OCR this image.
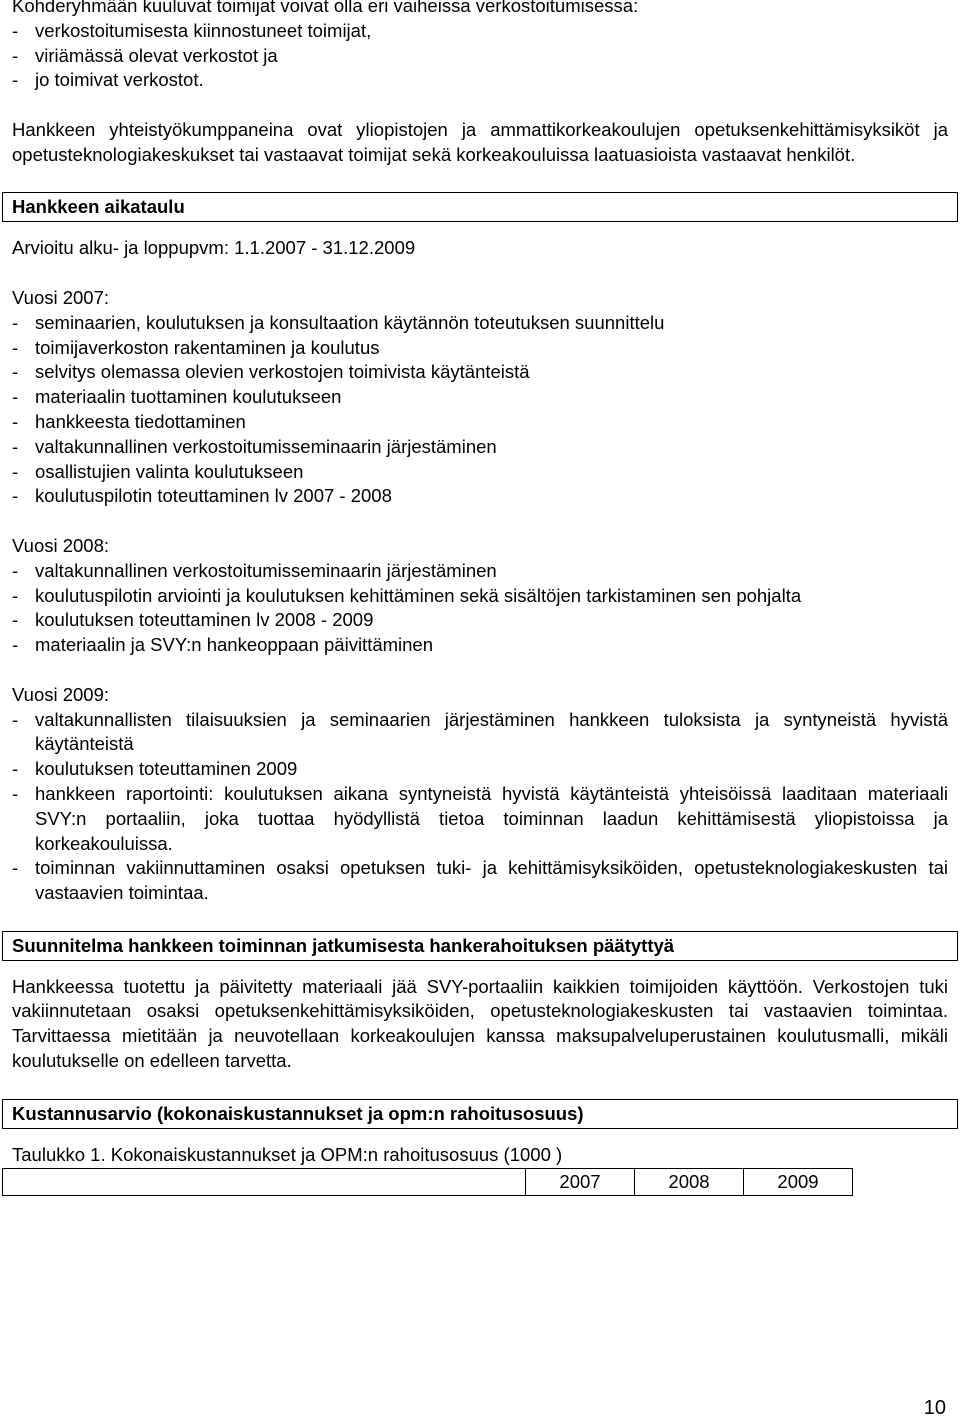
Kohderyhmään kuuluvat toimijat voivat olla eri vaiheissa verkostoitumisessa:

- verkostoitumisesta kiinnostuneet toimijat,
- viriämässä olevat verkostot ja
- jo toimivat verkostot.

Hankkeen yhteistyökumppaneina ovat yliopistojen ja ammattikorkeakoulujen opetuksenkehittämisyksiköt ja opetusteknologiakeskukset tai vastaavat toimijat sekä korkeakouluissa laatuasioista vastaavat henkilöt.

Hankkeen aikataulu

Arvioitu alku- ja loppupvm: 1.1.2007 - 31.12.2009

Vuosi 2007:

- seminaarien, koulutuksen ja konsultaation käytännön toteutuksen suunnittelu
- toimijaverkoston rakentaminen ja koulutus
- selvitys olemassa olevien verkostojen toimivista käytänteistä
- materiaalin tuottaminen koulutukseen
- hankkeesta tiedottaminen
- valtakunnallinen verkostoitumisseminaarin järjestäminen
- osallistujien valinta koulutukseen
- koulutuspilotin toteuttaminen lv 2007 - 2008

Vuosi 2008:

- valtakunnallinen verkostoitumisseminaarin järjestäminen
- koulutuspilotin arviointi ja koulutuksen kehittäminen sekä sisältöjen tarkistaminen sen pohjalta
- koulutuksen toteuttaminen lv 2008 - 2009
- materiaalin ja SVY:n hankeoppaan päivittäminen

Vuosi 2009:

- valtakunnallisten tilaisuuksien ja seminaarien järjestäminen hankkeen tuloksista ja syntyneistä hyvistä käytänteistä
- koulutuksen toteuttaminen 2009
- hankkeen raportointi: koulutuksen aikana syntyneistä hyvistä käytänteistä yhteisöissä laaditaan materiaali SVY:n portaaliin, joka tuottaa hyödyllistä tietoa toiminnan laadun kehittämisestä yliopistoissa ja korkeakouluissa.
- toiminnan vakiinnuttaminen osaksi opetuksen tuki- ja kehittämisyksiköiden, opetusteknologiakeskusten tai vastaavien toimintaa.
Suunnitelma hankkeen toiminnan jatkumisesta hankerahoituksen päätyttyä

Hankkeessa tuotettu ja päivitetty materiaali jää SVY-portaaliin kaikkien toimijoiden käyttöön. Verkostojen tuki vakiinnutetaan osaksi opetuksenkehittämisyksiköiden, opetusteknologiakeskusten tai vastaavien toimintaa. Tarvittaessa mietitään ja neuvotellaan korkeakoulujen kanssa maksupalveluperustainen koulutusmalli, mikäli koulutukselle on edelleen tarvetta.

Kustannusarvio (kokonaiskustannukset ja opm:n rahoitusosuus)

Taulukko 1. Kokonaiskustannukset ja OPM:n rahoitusosuus (1000 )

	2007	2008	2009
10
